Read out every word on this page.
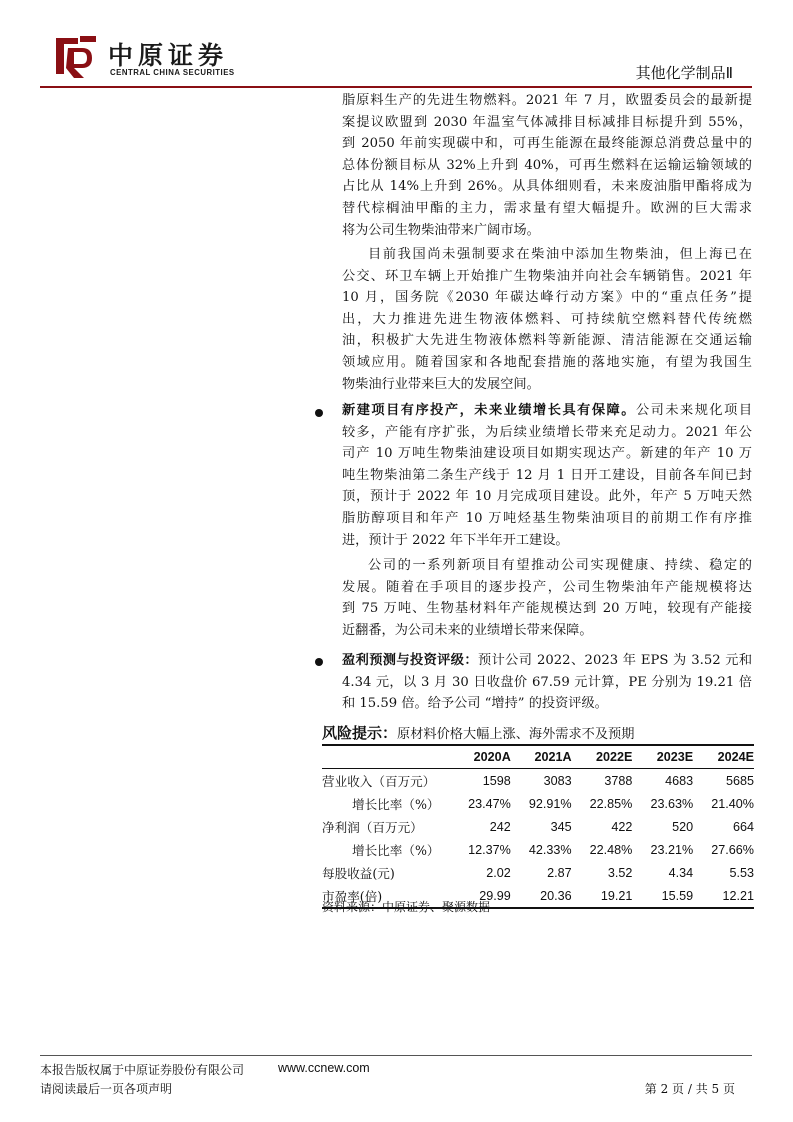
中原证券
CENTRAL CHINA SECURITIES	其他化学制品Ⅱ
脂原料生产的先进生物燃料。2021 年 7 月，欧盟委员会的最新提
案提议欧盟到 2030 年温室气体减排目标减排目标提升到 55%，
到 2050 年前实现碳中和，可再生能源在最终能源总消费总量中的
总体份额目标从 32%上升到 40%，可再生燃料在运输运输领域的
占比从 14%上升到 26%。从具体细则看，未来废油脂甲酯将成为
替代棕榈油甲酯的主力，需求量有望大幅提升。欧洲的巨大需求
将为公司生物柴油带来广阔市场。
目前我国尚未强制要求在柴油中添加生物柴油，但上海已在
公交、环卫车辆上开始推广生物柴油并向社会车辆销售。2021 年
10 月，国务院《2030 年碳达峰行动方案》中的“重点任务”提
出，大力推进先进生物液体燃料、可持续航空燃料替代传统燃
油，积极扩大先进生物液体燃料等新能源、清洁能源在交通运输
领域应用。随着国家和各地配套措施的落地实施，有望为我国生
物柴油行业带来巨大的发展空间。
新建项目有序投产，未来业绩增长具有保障。公司未来规化项目
较多，产能有序扩张，为后续业绩增长带来充足动力。2021 年公
司产 10 万吨生物柴油建设项目如期实现达产。新建的年产 10 万
吨生物柴油第二条生产线于 12 月 1 日开工建设，目前各车间已封
顶，预计于 2022 年 10 月完成项目建设。此外，年产 5 万吨天然
脂肪醇项目和年产 10 万吨烃基生物柴油项目的前期工作有序推
进，预计于 2022 年下半年开工建设。
公司的一系列新项目有望推动公司实现健康、持续、稳定的
发展。随着在手项目的逐步投产，公司生物柴油年产能规模将达
到 75 万吨、生物基材料年产能规模达到 20 万吨，较现有产能接
近翻番，为公司未来的业绩增长带来保障。
盈利预测与投资评级：预计公司 2022、2023 年 EPS 为 3.52 元和
4.34 元，以 3 月 30 日收盘价 67.59 元计算，PE 分别为 19.21 倍
和 15.59 倍。给予公司 “增持” 的投资评级。
风险提示：原材料价格大幅上涨、海外需求不及预期
	2020A	2021A	2022E	2023E	2024E
营业收入（百万元）	1598	3083	3788	4683	5685
增长比率（%）	23.47%	92.91%	22.85%	23.63%	21.40%
净利润（百万元）	242	345	422	520	664
增长比率（%）	12.37%	42.33%	22.48%	23.21%	27.66%
每股收益(元)	2.02	2.87	3.52	4.34	5.53
市盈率(倍)	29.99	20.36	19.21	15.59	12.21
资料来源：中原证券、聚源数据
本报告版权属于中原证券股份有限公司	www.ccnew.com
请阅读最后一页各项声明	第 2 页 / 共 5 页
